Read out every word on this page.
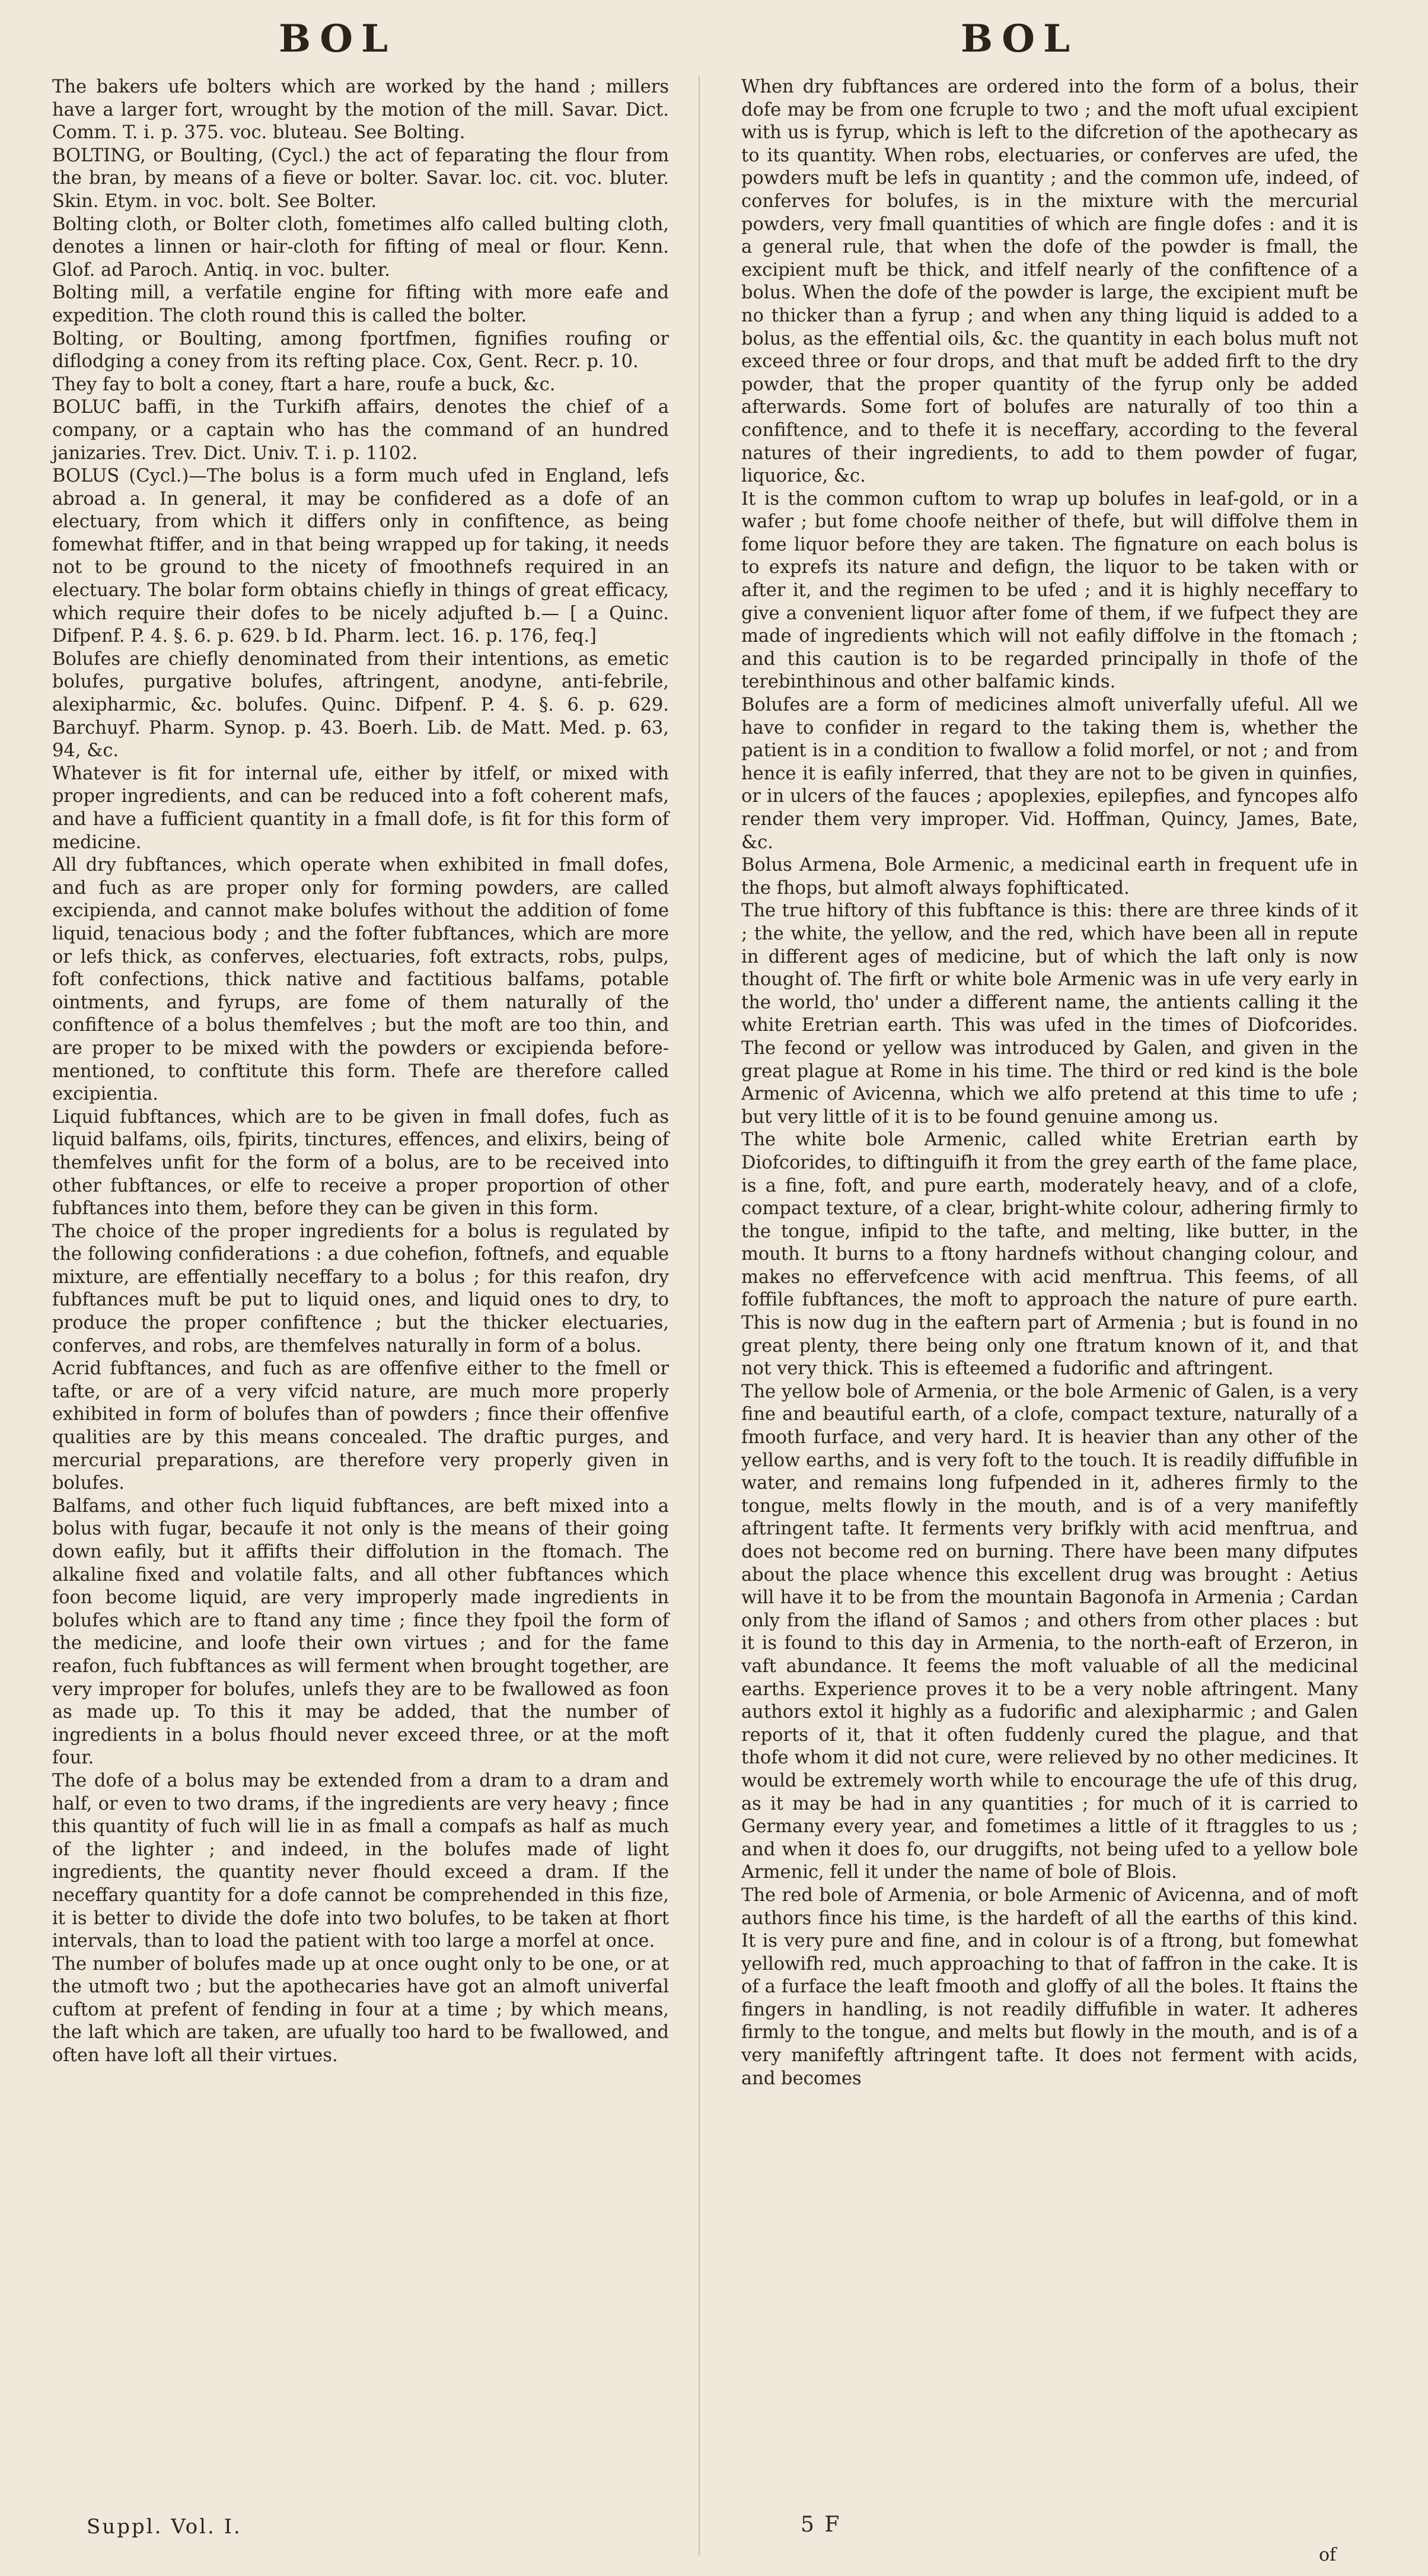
BOL	BOL

The bakers ufe bolters which are worked by the hand ; millers have a larger fort, wrought by the motion of the mill. Savar. Dict. Comm. T. i. p. 375. voc. bluteau. See Bolting.

BOLTING, or Boulting, (Cycl.) the act of feparating the flour from the bran, by means of a fieve or bolter. Savar. loc. cit. voc. bluter. Skin. Etym. in voc. bolt. See Bolter.

Bolting cloth, or Bolter cloth, fometimes alfo called bulting cloth, denotes a linnen or hair-cloth for fifting of meal or flour. Kenn. Glof. ad Paroch. Antiq. in voc. bulter.

Bolting mill, a verfatile engine for fifting with more eafe and expedition. The cloth round this is called the bolter.

Bolting, or Boulting, among fportfmen, fignifies roufing or diflodging a coney from its refting place. Cox, Gent. Recr. p. 10.

They fay to bolt a coney, ftart a hare, roufe a buck, &c.

BOLUC baffi, in the Turkifh affairs, denotes the chief of a company, or a captain who has the command of an hundred janizaries. Trev. Dict. Univ. T. i. p. 1102.

BOLUS (Cycl.)—The bolus is a form much ufed in England, lefs abroad a. In general, it may be confidered as a dofe of an electuary, from which it differs only in confiftence, as being fomewhat ftiffer, and in that being wrapped up for taking, it needs not to be ground to the nicety of fmoothnefs required in an electuary. The bolar form obtains chiefly in things of great efficacy, which require their dofes to be nicely adjufted b.— [ a Quinc. Difpenf. P. 4. §. 6. p. 629. b Id. Pharm. lect. 16. p. 176, feq.]

Bolufes are chiefly denominated from their intentions, as emetic bolufes, purgative bolufes, aftringent, anodyne, anti-febrile, alexipharmic, &c. bolufes. Quinc. Difpenf. P. 4. §. 6. p. 629. Barchuyf. Pharm. Synop. p. 43. Boerh. Lib. de Matt. Med. p. 63, 94, &c.

Whatever is fit for internal ufe, either by itfelf, or mixed with proper ingredients, and can be reduced into a foft coherent mafs, and have a fufficient quantity in a fmall dofe, is fit for this form of medicine.

All dry fubftances, which operate when exhibited in fmall dofes, and fuch as are proper only for forming powders, are called excipienda, and cannot make bolufes without the addition of fome liquid, tenacious body ; and the fofter fubftances, which are more or lefs thick, as conferves, electuaries, foft extracts, robs, pulps, foft confections, thick native and factitious balfams, potable ointments, and fyrups, are fome of them naturally of the confiftence of a bolus themfelves ; but the moft are too thin, and are proper to be mixed with the powders or excipienda before-mentioned, to conftitute this form. Thefe are therefore called excipientia.

Liquid fubftances, which are to be given in fmall dofes, fuch as liquid balfams, oils, fpirits, tinctures, effences, and elixirs, being of themfelves unfit for the form of a bolus, are to be received into other fubftances, or elfe to receive a proper proportion of other fubftances into them, before they can be given in this form.

The choice of the proper ingredients for a bolus is regulated by the following confiderations : a due cohefion, foftnefs, and equable mixture, are effentially neceffary to a bolus ; for this reafon, dry fubftances muft be put to liquid ones, and liquid ones to dry, to produce the proper confiftence ; but the thicker electuaries, conferves, and robs, are themfelves naturally in form of a bolus.

Acrid fubftances, and fuch as are offenfive either to the fmell or tafte, or are of a very vifcid nature, are much more properly exhibited in form of bolufes than of powders ; fince their offenfive qualities are by this means concealed. The draftic purges, and mercurial preparations, are therefore very properly given in bolufes.

Balfams, and other fuch liquid fubftances, are beft mixed into a bolus with fugar, becaufe it not only is the means of their going down eafily, but it affifts their diffolution in the ftomach. The alkaline fixed and volatile falts, and all other fubftances which foon become liquid, are very improperly made ingredients in bolufes which are to ftand any time ; fince they fpoil the form of the medicine, and loofe their own virtues ; and for the fame reafon, fuch fubftances as will ferment when brought together, are very improper for bolufes, unlefs they are to be fwallowed as foon as made up. To this it may be added, that the number of ingredients in a bolus fhould never exceed three, or at the moft four.

The dofe of a bolus may be extended from a dram to a dram and half, or even to two drams, if the ingredients are very heavy ; fince this quantity of fuch will lie in as fmall a compafs as half as much of the lighter ; and indeed, in the bolufes made of light ingredients, the quantity never fhould exceed a dram. If the neceffary quantity for a dofe cannot be comprehended in this fize, it is better to divide the dofe into two bolufes, to be taken at fhort intervals, than to load the patient with too large a morfel at once.

The number of bolufes made up at once ought only to be one, or at the utmoft two ; but the apothecaries have got an almoft univerfal cuftom at prefent of fending in four at a time ; by which means, the laft which are taken, are ufually too hard to be fwallowed, and often have loft all their virtues.

When dry fubftances are ordered into the form of a bolus, their dofe may be from one fcruple to two ; and the moft ufual excipient with us is fyrup, which is left to the difcretion of the apothecary as to its quantity. When robs, electuaries, or conferves are ufed, the powders muft be lefs in quantity ; and the common ufe, indeed, of conferves for bolufes, is in the mixture with the mercurial powders, very fmall quantities of which are fingle dofes : and it is a general rule, that when the dofe of the powder is fmall, the excipient muft be thick, and itfelf nearly of the confiftence of a bolus. When the dofe of the powder is large, the excipient muft be no thicker than a fyrup ; and when any thing liquid is added to a bolus, as the effential oils, &c. the quantity in each bolus muft not exceed three or four drops, and that muft be added firft to the dry powder, that the proper quantity of the fyrup only be added afterwards. Some fort of bolufes are naturally of too thin a confiftence, and to thefe it is neceffary, according to the feveral natures of their ingredients, to add to them powder of fugar, liquorice, &c.

It is the common cuftom to wrap up bolufes in leaf-gold, or in a wafer ; but fome choofe neither of thefe, but will diffolve them in fome liquor before they are taken. The fignature on each bolus is to exprefs its nature and defign, the liquor to be taken with or after it, and the regimen to be ufed ; and it is highly neceffary to give a convenient liquor after fome of them, if we fufpect they are made of ingredients which will not eafily diffolve in the ftomach ; and this caution is to be regarded principally in thofe of the terebinthinous and other balfamic kinds.

Bolufes are a form of medicines almoft univerfally ufeful. All we have to confider in regard to the taking them is, whether the patient is in a condition to fwallow a folid morfel, or not ; and from hence it is eafily inferred, that they are not to be given in quinfies, or in ulcers of the fauces ; apoplexies, epilepfies, and fyncopes alfo render them very improper. Vid. Hoffman, Quincy, James, Bate, &c.

Bolus Armena, Bole Armenic, a medicinal earth in frequent ufe in the fhops, but almoft always fophifticated.

The true hiftory of this fubftance is this: there are three kinds of it ; the white, the yellow, and the red, which have been all in repute in different ages of medicine, but of which the laft only is now thought of. The firft or white bole Armenic was in ufe very early in the world, tho' under a different name, the antients calling it the white Eretrian earth. This was ufed in the times of Diofcorides. The fecond or yellow was introduced by Galen, and given in the great plague at Rome in his time. The third or red kind is the bole Armenic of Avicenna, which we alfo pretend at this time to ufe ; but very little of it is to be found genuine among us.

The white bole Armenic, called white Eretrian earth by Diofcorides, to diftinguifh it from the grey earth of the fame place, is a fine, foft, and pure earth, moderately heavy, and of a clofe, compact texture, of a clear, bright-white colour, adhering firmly to the tongue, infipid to the tafte, and melting, like butter, in the mouth. It burns to a ftony hardnefs without changing colour, and makes no effervefcence with acid menftrua. This feems, of all foffile fubftances, the moft to approach the nature of pure earth. This is now dug in the eaftern part of Armenia ; but is found in no great plenty, there being only one ftratum known of it, and that not very thick. This is efteemed a fudorific and aftringent.

The yellow bole of Armenia, or the bole Armenic of Galen, is a very fine and beautiful earth, of a clofe, compact texture, naturally of a fmooth furface, and very hard. It is heavier than any other of the yellow earths, and is very foft to the touch. It is readily diffufible in water, and remains long fufpended in it, adheres firmly to the tongue, melts flowly in the mouth, and is of a very manifeftly aftringent tafte. It ferments very brifkly with acid menftrua, and does not become red on burning. There have been many difputes about the place whence this excellent drug was brought : Aetius will have it to be from the mountain Bagonofa in Armenia ; Cardan only from the ifland of Samos ; and others from other places : but it is found to this day in Armenia, to the north-eaft of Erzeron, in vaft abundance. It feems the moft valuable of all the medicinal earths. Experience proves it to be a very noble aftringent. Many authors extol it highly as a fudorific and alexipharmic ; and Galen reports of it, that it often fuddenly cured the plague, and that thofe whom it did not cure, were relieved by no other medicines. It would be extremely worth while to encourage the ufe of this drug, as it may be had in any quantities ; for much of it is carried to Germany every year, and fometimes a little of it ftraggles to us ; and when it does fo, our druggifts, not being ufed to a yellow bole Armenic, fell it under the name of bole of Blois.

The red bole of Armenia, or bole Armenic of Avicenna, and of moft authors fince his time, is the hardeft of all the earths of this kind. It is very pure and fine, and in colour is of a ftrong, but fomewhat yellowifh red, much approaching to that of faffron in the cake. It is of a furface the leaft fmooth and gloffy of all the boles. It ftains the fingers in handling, is not readily diffufible in water. It adheres firmly to the tongue, and melts but flowly in the mouth, and is of a very manifeftly aftringent tafte. It does not ferment with acids, and becomes

Suppl. Vol. I.	5 F
of
